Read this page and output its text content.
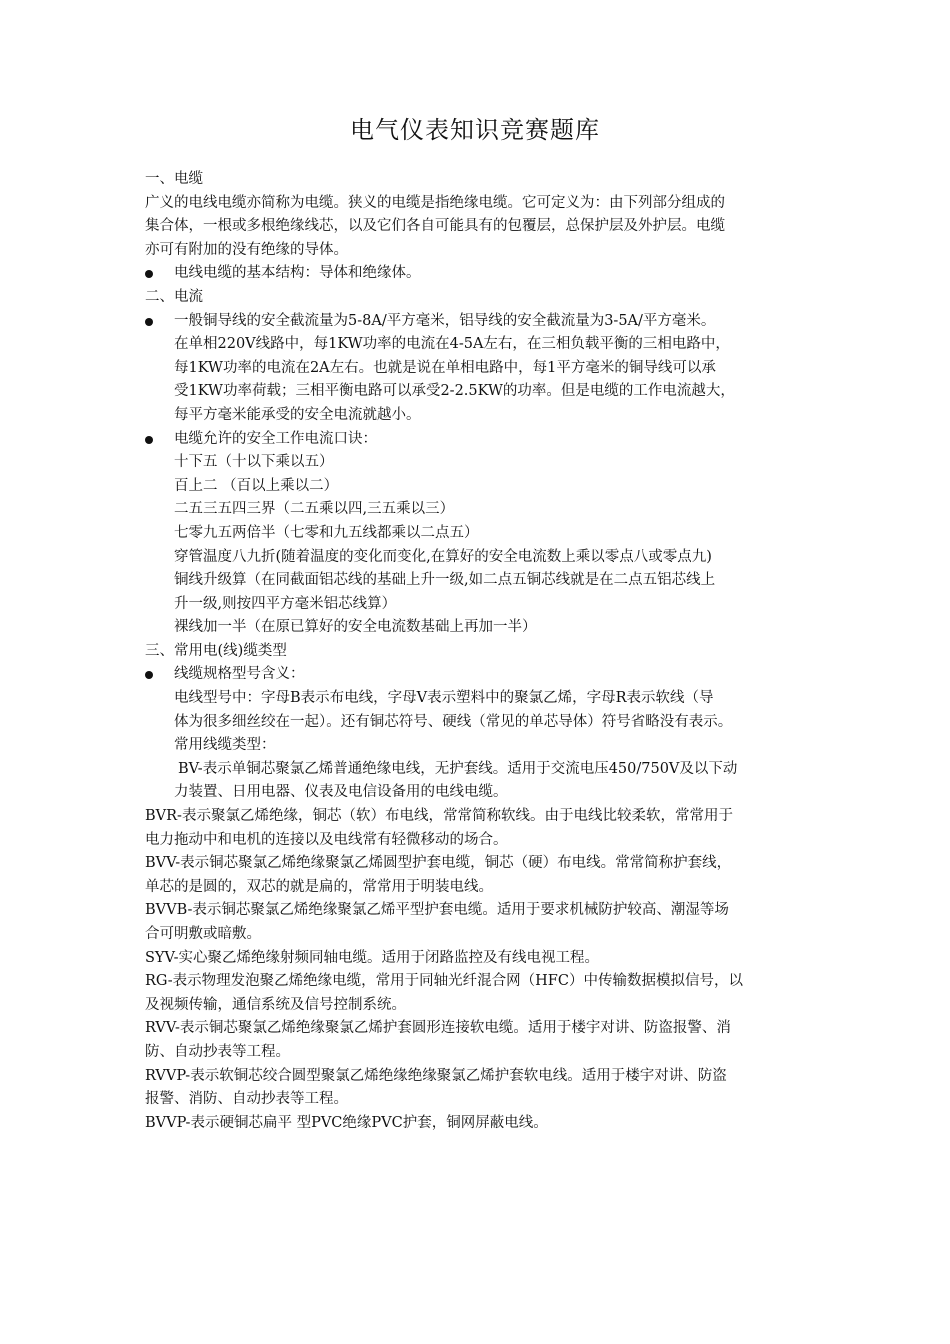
电气仪表知识竞赛题库
一、电缆
广义的电线电缆亦简称为电缆。狭义的电缆是指绝缘电缆。它可定义为：由下列部分组成的
集合体，一根或多根绝缘线芯，以及它们各自可能具有的包覆层，总保护层及外护层。电缆
亦可有附加的没有绝缘的导体。
电线电缆的基本结构：导体和绝缘体。
二、电流
一般铜导线的安全截流量为5-8A/平方毫米，铝导线的安全截流量为3-5A/平方毫米。
在单相220V线路中，每1KW功率的电流在4-5A左右，在三相负载平衡的三相电路中，
每1KW功率的电流在2A左右。也就是说在单相电路中，每1平方毫米的铜导线可以承
受1KW功率荷载；三相平衡电路可以承受2-2.5KW的功率。但是电缆的工作电流越大，
每平方毫米能承受的安全电流就越小。
电缆允许的安全工作电流口诀：
十下五（十以下乘以五）
百上二 （百以上乘以二）
二五三五四三界（二五乘以四,三五乘以三）
七零九五两倍半（七零和九五线都乘以二点五）
穿管温度八九折(随着温度的变化而变化,在算好的安全电流数上乘以零点八或零点九)
铜线升级算（在同截面铝芯线的基础上升一级,如二点五铜芯线就是在二点五铝芯线上
升一级,则按四平方毫米铝芯线算）
裸线加一半（在原已算好的安全电流数基础上再加一半）
三、常用电(线)缆类型
线缆规格型号含义：
电线型号中：字母B表示布电线，字母V表示塑料中的聚氯乙烯，字母R表示软线（导
体为很多细丝绞在一起）。还有铜芯符号、硬线（常见的单芯导体）符号省略没有表示。
常用线缆类型：
BV-表示单铜芯聚氯乙烯普通绝缘电线，无护套线。适用于交流电压450/750V及以下动
力装置、日用电器、仪表及电信设备用的电线电缆。
BVR-表示聚氯乙烯绝缘，铜芯（软）布电线，常常简称软线。由于电线比较柔软，常常用于
电力拖动中和电机的连接以及电线常有轻微移动的场合。
BVV-表示铜芯聚氯乙烯绝缘聚氯乙烯圆型护套电缆，铜芯（硬）布电线。常常简称护套线，
单芯的是圆的，双芯的就是扁的，常常用于明装电线。
BVVB-表示铜芯聚氯乙烯绝缘聚氯乙烯平型护套电缆。适用于要求机械防护较高、潮湿等场
合可明敷或暗敷。
SYV-实心聚乙烯绝缘射频同轴电缆。适用于闭路监控及有线电视工程。
RG-表示物理发泡聚乙烯绝缘电缆，常用于同轴光纤混合网（HFC）中传输数据模拟信号，以
及视频传输，通信系统及信号控制系统。
RVV-表示铜芯聚氯乙烯绝缘聚氯乙烯护套圆形连接软电缆。适用于楼宇对讲、防盗报警、消
防、自动抄表等工程。
RVVP-表示软铜芯绞合圆型聚氯乙烯绝缘绝缘聚氯乙烯护套软电线。适用于楼宇对讲、防盗
报警、消防、自动抄表等工程。
BVVP-表示硬铜芯扁平 型PVC绝缘PVC护套，铜网屏蔽电线。
